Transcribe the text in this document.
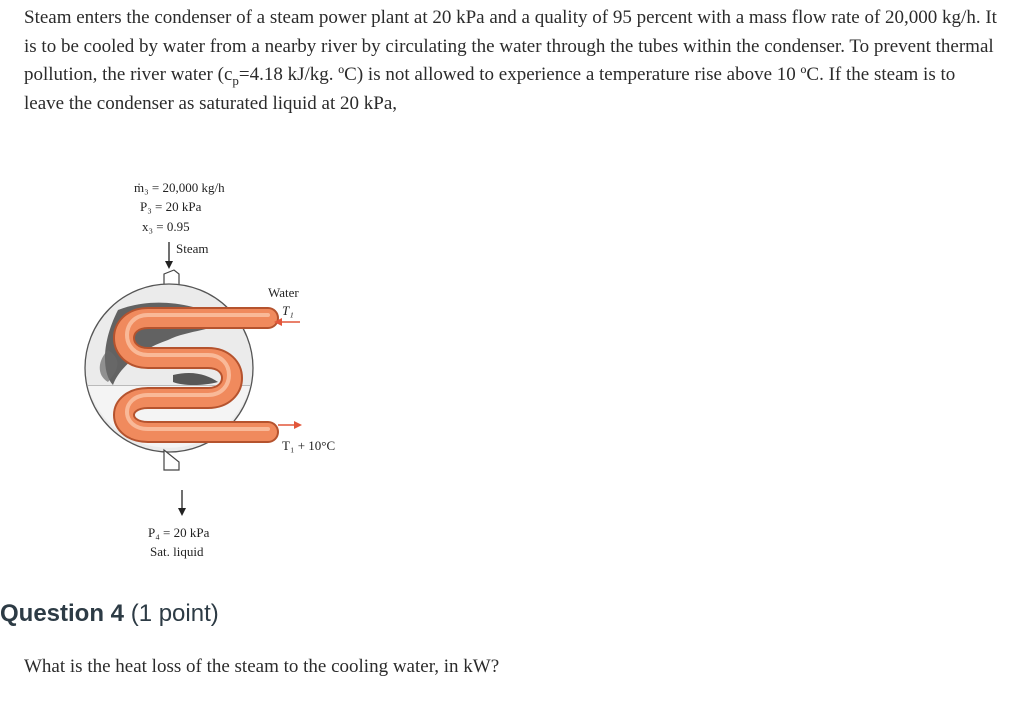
Steam enters the condenser of a steam power plant at 20 kPa and a quality of 95 percent with a mass flow rate of 20,000 kg/h. It is to be cooled by water from a nearby river by circulating the water through the tubes within the condenser. To prevent thermal pollution, the river water ($c_p=4.18$ kJ/kg. ºC) is not allowed to experience a temperature rise above 10 ºC. If the steam is to leave the condenser as saturated liquid at 20 kPa,
ṁ₃ = 20,000 kg/h
P₃ = 20 kPa
x₃ = 0.95
Steam
Water
T₁
T₁ + 10°C
P₄ = 20 kPa
Sat. liquid
Question 4 (1 point)
What is the heat loss of the steam to the cooling water, in kW?
